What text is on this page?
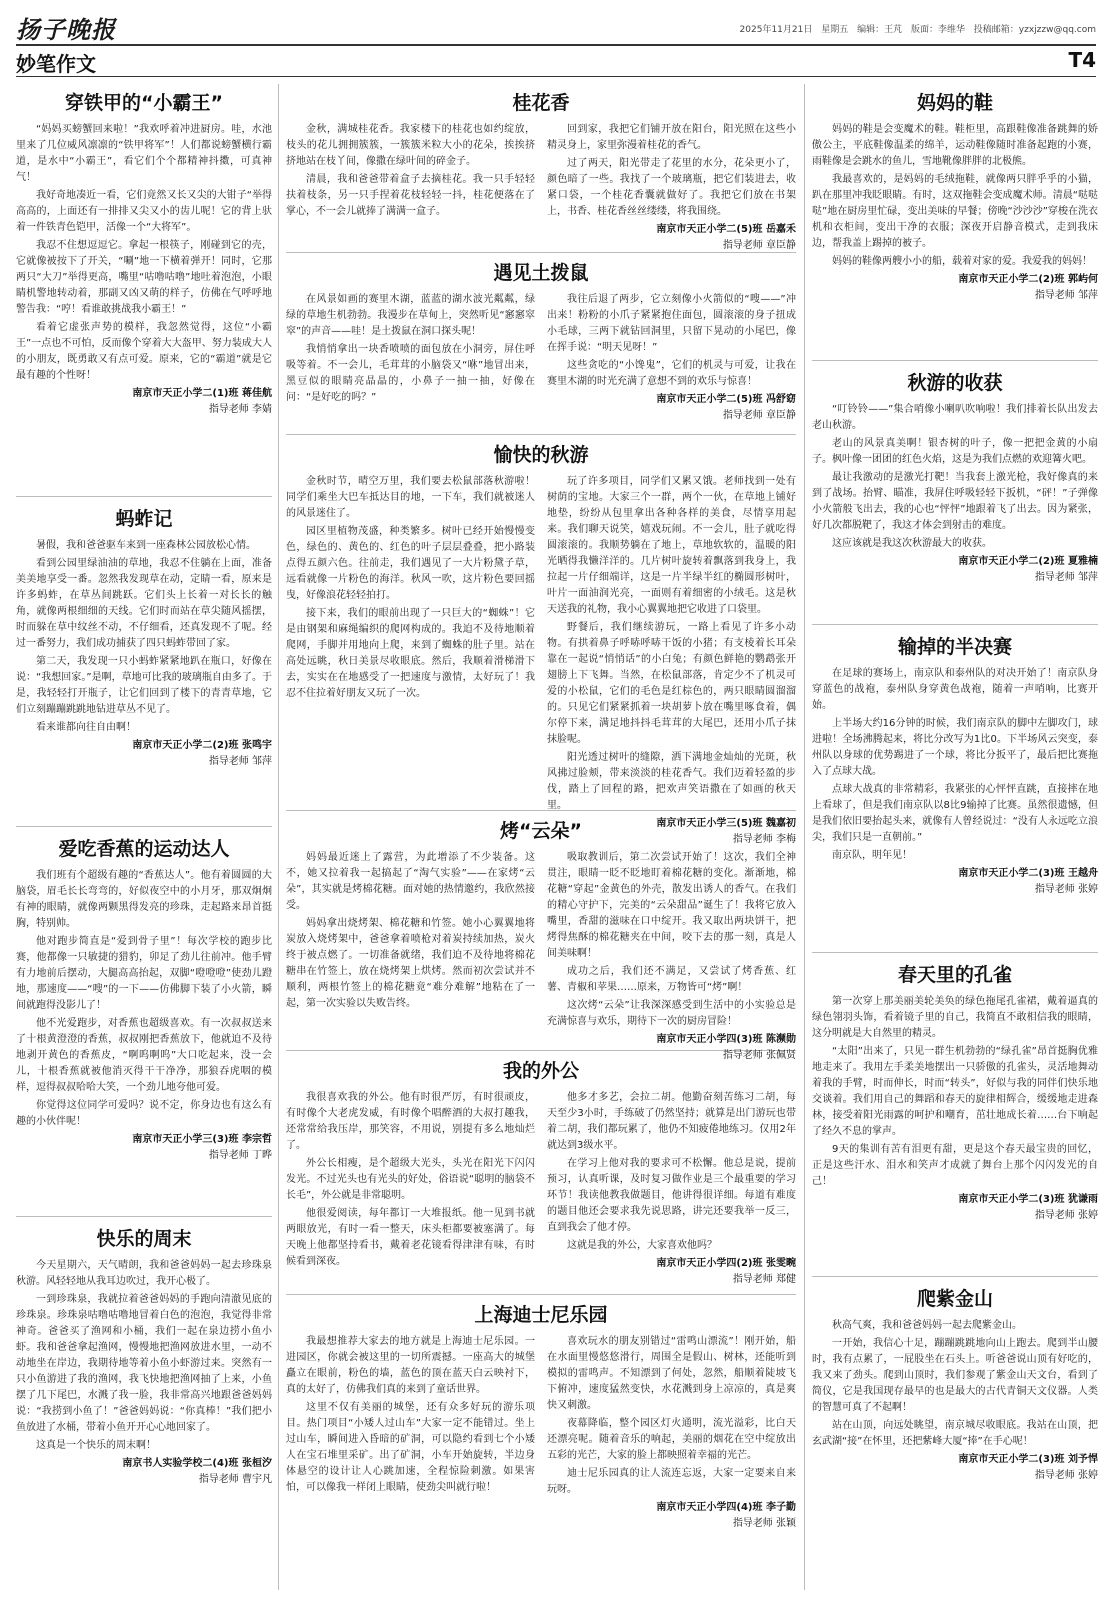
扬子晚报	2025年11月21日 星期五 编辑：王芃 版面：李维华 投稿邮箱：yzxjzzw@qq.com
妙笔作文	T4
穿铁甲的“小霸王”

“妈妈买螃蟹回来啦！”我欢呼着冲进厨房。哇，水池里来了几位威风凛凛的“铁甲将军”！人们都说螃蟹横行霸道，是水中“小霸王”，看它们个个都精神抖擞，可真神气！

我好奇地凑近一看，它们竟然又长又尖的大钳子“举得高高的，上面还有一排排又尖又小的齿儿呢！它的背上驮着一件铁青色铠甲，活像一个“大将军”。

我忍不住想逗逗它。拿起一根筷子，刚碰到它的壳，它就像被按下了开关，“唰”地一下横着弹开！同时，它那两只“大刀”举得更高，嘴里“咕噜咕噜”地吐着泡泡，小眼睛机警地转动着，那副又凶又萌的样子，仿佛在气呼呼地警告我：“哼！看谁敢挑战我小霸王！”

看着它虚张声势的模样，我忽然觉得，这位“小霸王”一点也不可怕，反而像个穿着大大盔甲、努力装成大人的小朋友，既勇敢又有点可爱。原来，它的“霸道”就是它最有趣的个性呀！

南京市天正小学二(1)班 蒋佳航
指导老师 李婧
蚂蚱记

暑假，我和爸爸驱车来到一座森林公园放松心情。

看到公园里绿油油的草地，我忍不住躺在上面，准备美美地享受一番。忽然我发现草在动，定睛一看，原来是许多蚂蚱，在草丛间跳跃。它们头上长着一对长长的触角，就像两根细细的天线。它们时而站在草尖随风摇摆，时而躲在草中纹丝不动，不仔细看，还真发现不了呢。经过一番努力，我们成功捕获了四只蚂蚱带回了家。

第二天，我发现一只小蚂蚱紧紧地趴在瓶口，好像在说：“我想回家。”是啊，草地可比我的玻璃瓶自由多了。于是，我轻轻打开瓶子，让它们回到了楼下的青青草地，它们立刻蹦蹦跳跳地钻进草丛不见了。

看来谁都向往自由啊！

南京市天正小学二(2)班 张鸣宇
指导老师 邹萍
爱吃香蕉的运动达人

我们班有个超级有趣的“香蕉达人”。他有着圆圆的大脑袋，眉毛长长弯弯的，好似夜空中的小月牙，那双炯炯有神的眼睛，就像两颗黑得发亮的珍珠，走起路来昂首挺胸，特别帅。

他对跑步简直是“爱到骨子里”！每次学校的跑步比赛，他都像一只敏捷的猎豹，卯足了劲儿往前冲。他手臂有力地前后摆动，大腿高高抬起，双脚“噔噔噔”使劲儿蹬地，那速度——“嗖”的一下——仿佛脚下装了小火箭，瞬间就跑得没影儿了！

他不光爱跑步，对香蕉也超级喜欢。有一次叔叔送来了十根黄澄澄的香蕉，叔叔刚把香蕉放下，他就迫不及待地剥开黄色的香蕉皮，“啊呜啊呜”大口吃起来，没一会儿，十根香蕉就被他消灭得干干净净，那狼吞虎咽的模样，逗得叔叔哈哈大笑，一个劲儿地夸他可爱。

你觉得这位同学可爱吗？说不定，你身边也有这么有趣的小伙伴呢！

南京市天正小学三(3)班 李宗哲
指导老师 丁晔
快乐的周末

今天星期六，天气晴朗，我和爸爸妈妈一起去珍珠泉秋游。风轻轻地从我耳边吹过，我开心极了。

一到珍珠泉，我就拉着爸爸妈妈的手跑向清澈见底的珍珠泉。珍珠泉咕噜咕噜地冒着白色的泡泡，我觉得非常神奇。爸爸买了渔网和小桶，我们一起在泉边捞小鱼小虾。我和爸爸拿起渔网，慢慢地把渔网放进水里，一动不动地坐在岸边，我期待地等着小鱼小虾游过来。突然有一只小鱼游进了我的渔网，我飞快地把渔网抽了上来，小鱼摆了几下尾巴，水溅了我一脸，我非常高兴地跟爸爸妈妈说：“我捞到小鱼了！”爸爸妈妈说：“你真棒！”我们把小鱼放进了水桶，带着小鱼开开心心地回家了。

这真是一个快乐的周末啊！

南京书人实验学校二(4)班 张桓汐
指导老师 曹宇凡
桂花香

金秋，满城桂花香。我家楼下的桂花也如约绽放，枝头的花儿拥拥簇簇，一簇簇米粒大小的花朵，挨挨挤挤地站在枝丫间，像撒在绿叶间的碎金子。

清晨，我和爸爸带着盒子去摘桂花。我一只手轻轻扶着枝条，另一只手捏着花枝轻轻一抖，桂花便落在了掌心，不一会儿就捧了满满一盒子。

回到家，我把它们铺开放在阳台，阳光照在这些小精灵身上，家里弥漫着桂花的香气。

过了两天，阳光带走了花里的水分，花朵更小了，颜色暗了一些。我找了一个玻璃瓶，把它们装进去，收紧口袋，一个桂花香囊就做好了。我把它们放在书架上，书香、桂花香丝丝缕缕，将我围绕。

南京市天正小学二(5)班 岳嘉禾
指导老师 章臣静
遇见土拨鼠

在风景如画的赛里木湖，蓝蓝的湖水波光粼粼，绿绿的草地生机勃勃。我漫步在草甸上，突然听见“窸窸窣窣”的声音——哇！是土拨鼠在洞口探头呢！

我悄悄拿出一块香喷喷的面包放在小洞旁，屏住呼吸等着。不一会儿，毛茸茸的小脑袋又“咻”地冒出来，黑豆似的眼睛亮晶晶的，小鼻子一抽一抽，好像在问：“是好吃的吗？”

我往后退了两步，它立刻像小火箭似的“嗖——”冲出来！粉粉的小爪子紧紧抱住面包，圆滚滚的身子扭成小毛球，三两下就钻回洞里，只留下晃动的小尾巴，像在挥手说：“明天见呀！”

这些贪吃的“小馋鬼”，它们的机灵与可爱，让我在赛里木湖的时光充满了意想不到的欢乐与惊喜！

南京市天正小学二(5)班 冯舒窈
指导老师 章臣静
愉快的秋游

金秋时节，晴空万里，我们要去松鼠部落秋游啦！同学们乘坐大巴车抵达目的地，一下车，我们就被迷人的风景迷住了。

园区里植物茂盛，种类繁多。树叶已经开始慢慢变色，绿色的、黄色的、红色的叶子层层叠叠，把小路装点得五颜六色。往前走，我们遇见了一大片粉黛子草，远看就像一片粉色的海洋。秋风一吹，这片粉色要回摇曳，好像浪花轻轻拍打。

接下来，我们的眼前出现了一只巨大的“蜘蛛”！它是由钢架和麻绳编织的爬网构成的。我迫不及待地顺着爬网，手脚并用地向上爬，来到了蜘蛛的肚子里。站在高处远眺，秋日美景尽收眼底。然后，我顺着滑梯滑下去，实实在在地感受了一把速度与激情，太好玩了！我忍不住拉着好朋友又玩了一次。

玩了许多项目，同学们又累又饿。老师找到一处有树荫的宝地。大家三个一群，两个一伙，在草地上铺好地垫，纷纷从包里拿出各种各样的美食，尽情享用起来。我们聊天说笑，嬉戏玩闹。不一会儿，肚子就吃得圆滚滚的。我顺势躺在了地上，草地软软的，温暖的阳光晒得我懒洋洋的。几片树叶旋转着飘落到我身上，我拉起一片仔细端详，这是一片半绿半红的椭圆形树叶，叶片一面油润光亮，一面则有着细密的小绒毛。这是秋天送我的礼物，我小心翼翼地把它收进了口袋里。

野餐后，我们继续游玩，一路上看见了许多小动物。有拱着鼻子呼哧呼哧干饭的小猪；有支棱着长耳朵靠在一起说“悄悄话”的小白兔；有颜色鲜艳的鹦鹉张开翅膀上下飞舞。当然，在松鼠部落，肯定少不了机灵可爱的小松鼠，它们的毛色是红棕色的，两只眼睛圆溜溜的。只见它们紧紧抓着一块胡萝卜放在嘴里啄食着，偶尔停下来，满足地抖抖毛茸茸的大尾巴，还用小爪子抹抹脸呢。

阳光透过树叶的缝隙，洒下满地金灿灿的光斑，秋风拂过脸颊，带来淡淡的桂花香气。我们迈着轻盈的步伐，踏上了回程的路，把欢声笑语撒在了如画的秋天里。

南京市天正小学三(5)班 魏嘉初
指导老师 李梅
烤“云朵”

妈妈最近迷上了露营，为此增添了不少装备。这不，她又拉着我一起搞起了“淘气实验”——在家烤“云朵”，其实就是烤棉花糖。面对她的热情邀约，我欣然接受。

妈妈拿出烧烤架、棉花糖和竹签。她小心翼翼地将炭放入烧烤架中，爸爸拿着喷枪对着炭持续加热，炭火终于被点燃了。一切准备就绪，我们迫不及待地将棉花糖串在竹签上，放在烧烤架上烘烤。然而初次尝试并不顺利，两根竹签上的棉花糖竟“难分难解”地粘在了一起，第一次实验以失败告终。

吸取教训后，第二次尝试开始了！这次，我们全神贯注，眼睛一眨不眨地盯着棉花糖的变化。渐渐地，棉花糖“穿起”金黄色的外壳，散发出诱人的香气。在我们的精心守护下，完美的“云朵甜品”诞生了！我将它放入嘴里，香甜的滋味在口中绽开。我又取出两块饼干，把烤得焦酥的棉花糖夹在中间，咬下去的那一刻，真是人间美味啊！

成功之后，我们还不满足，又尝试了烤香蕉、红薯、青椒和苹果……原来，万物皆可“烤”啊！

这次烤“云朵”让我深深感受到生活中的小实验总是充满惊喜与欢乐，期待下一次的厨房冒险！

南京市天正小学四(3)班 陈濒勋
指导老师 张佩贤
我的外公

我很喜欢我的外公。他有时很严厉，有时很顽皮，有时像个大老虎发威，有时像个唱醉酒的大叔打趣我，还常常给我压岸，那笑容，不用说，别提有多么地灿烂了。

外公长相瘦，是个超级大光头，头光在阳光下闪闪发光。不过光头也有光头的好处，俗语说“聪明的脑袋不长毛”，外公就是非常聪明。

他很爱阅读，每年都订一大堆报纸。他一见到书就两眼放光，有时一看一整天，床头柜都要被塞满了。每天晚上他都坚持看书，戴着老花镜看得津津有味，有时候看到深夜。

他多才多艺，会拉二胡。他勤奋刻苦练习二胡，每天至少3小时，手练破了仍然坚持；就算是出门游玩也带着二胡，我们都玩累了，他仍不知疲倦地练习。仅用2年就达到3级水平。

在学习上他对我的要求可不松懈。他总是说，提前预习，认真听课，及时复习做作业是三个最重要的学习环节！我读他教我做题目，他讲得很详细。每道有难度的题目他还会要求我先说思路，讲完还要我举一反三，直到我会了他才停。

这就是我的外公，大家喜欢他吗？

南京市天正小学四(2)班 张雯畹
指导老师 郑健
上海迪士尼乐园

我最想推荐大家去的地方就是上海迪士尼乐园。一进园区，你就会被这里的一切所震撼。一座高大的城堡矗立在眼前，粉色的墙，蓝色的顶在蓝天白云映衬下，真的太好了，仿佛我们真的来到了童话世界。

这里不仅有美丽的城堡，还有众多好玩的游乐项目。热门项目“小矮人过山车”大家一定不能错过。坐上过山车，瞬间进入昏暗的矿洞，可以隐约看到七个小矮人在宝石堆里采矿。出了矿洞，小车开始旋转，半边身体悬空的设计让人心跳加速，全程惊险刺激。如果害怕，可以像我一样闭上眼睛，使劲尖叫就行啦！

喜欢玩水的朋友别错过“雷鸣山漂流”！刚开始，船在水面里慢悠悠滑行，周围全是假山、树林，还能听到模拟的雷鸣声。不知漂到了何处，忽然，船顺着陡坡飞下俯冲，速度猛然变快，水花溅到身上凉凉的，真是爽快又刺激。

夜幕降临，整个园区灯火通明，流光溢彩，比白天还漂亮呢。随着音乐的响起，美丽的烟花在空中绽放出五彩的光芒，大家的脸上都映照着幸福的光芒。

迪士尼乐园真的让人流连忘返，大家一定要来自来玩呀。

南京市天正小学四(4)班 李子勤
指导老师 张颖
妈妈的鞋

妈妈的鞋是会变魔术的鞋。鞋柜里，高跟鞋像准备跳舞的娇傲公主，平底鞋像温柔的绵羊，运动鞋像随时准备起跑的小赛，雨鞋像是会跳水的鱼儿，雪地靴像胖胖的北极熊。

我最喜欢的，是妈妈的毛绒拖鞋，就像两只胖乎乎的小猫，趴在那里冲我眨眼睛。有时，这双拖鞋会变成魔术师。清晨“哒哒哒”地在厨房里忙碌，变出美味的早餐；傍晚“沙沙沙”穿梭在洗衣机和衣柜间，变出干净的衣服；深夜开启静音模式，走到我床边，帮我盖上踢掉的被子。

妈妈的鞋像两艘小小的船，载着对家的爱。我爱我的妈妈！

南京市天正小学二(2)班 郭屿何
指导老师 邹萍
秋游的收获

“叮铃铃——”集合哨像小喇叭吹响啦！我们排着长队出发去老山秋游。

老山的风景真美啊！银杏树的叶子，像一把把金黄的小扇子。枫叶像一团团的红色火焰，这是为我们点燃的欢迎篝火吧。

最让我激动的是激光打靶！当我套上激光枪，我好像真的来到了战场。抬臂、瞄准，我屏住呼吸轻轻下扳机，“砰！”子弹像小火箭般飞出去，我的心也“怦怦”地跟着飞了出去。因为紧张，好几次都脱靶了，我这才体会到射击的难度。

这应该就是我这次秋游最大的收获。

南京市天正小学二(2)班 夏雅楠
指导老师 邹萍
输掉的半决赛

在足球的赛场上，南京队和泰州队的对决开始了！南京队身穿蓝色的战袍，泰州队身穿黄色战袍，随着一声哨响，比赛开始。

上半场大约16分钟的时候，我们南京队的脚中左脚攻门，球进啦！全场沸腾起来，将比分改写为1比0。下半场风云突变，泰州队以身球的优势踢进了一个球，将比分扳平了，最后把比赛拖入了点球大战。

点球大战真的非常精彩，我紧张的心怦怦直跳，直接摔在地上看球了，但是我们南京队以8比9输掉了比赛。虽然很遗憾，但是我们依旧要抬起头来，就像有人曾经说过：“没有人永远吃立浪尖，我们只是一直朝前。”

南京队，明年见！

南京市天正小学二(3)班 王越舟
指导老师 张婷
春天里的孔雀

第一次穿上那美丽美轮美奂的绿色拖尾孔雀裙，戴着逼真的绿色翎羽头饰，看着镜子里的自己，我简直不敢相信我的眼睛，这分明就是大自然里的精灵。

“太阳”出来了，只见一群生机勃勃的“绿孔雀”昂首挺胸优雅地走来了。我用左手柔美地摆出一只骄傲的孔雀头，灵活地舞动着我的手臂，时而伸长，时而“转头”，好似与我的同伴们快乐地交谈着。我们用自己的舞蹈和春天的旋律相辉合，缓缓地走进森林，接受着阳光雨露的呵护和嘲育，茁壮地成长着……台下响起了经久不息的掌声。

9天的集训有苦有泪更有甜，更是这个春天最宝贵的回忆，正是这些汗水、泪水和笑声才成就了舞台上那个闪闪发光的自己！

南京市天正小学二(3)班 犹谦雨
指导老师 张婷
爬紫金山

秋高气爽，我和爸爸妈妈一起去爬紫金山。

一开始，我信心十足，蹦蹦跳跳地向山上跑去。爬到半山腰时，我有点累了，一屁股坐在石头上。听爸爸说山顶有好吃的，我又来了劲头。爬到山顶时，我们参观了紫金山天文台，看到了简仪，它是我国现存最早的也是最大的古代青铜天文仪器。人类的智慧可真了不起啊！

站在山顶，向远处眺望，南京城尽收眼底。我站在山顶，把玄武湖“接”在怀里，还把紫峰大厦“捧”在手心呢！

南京市天正小学二(3)班 刘予悍
指导老师 张婷
